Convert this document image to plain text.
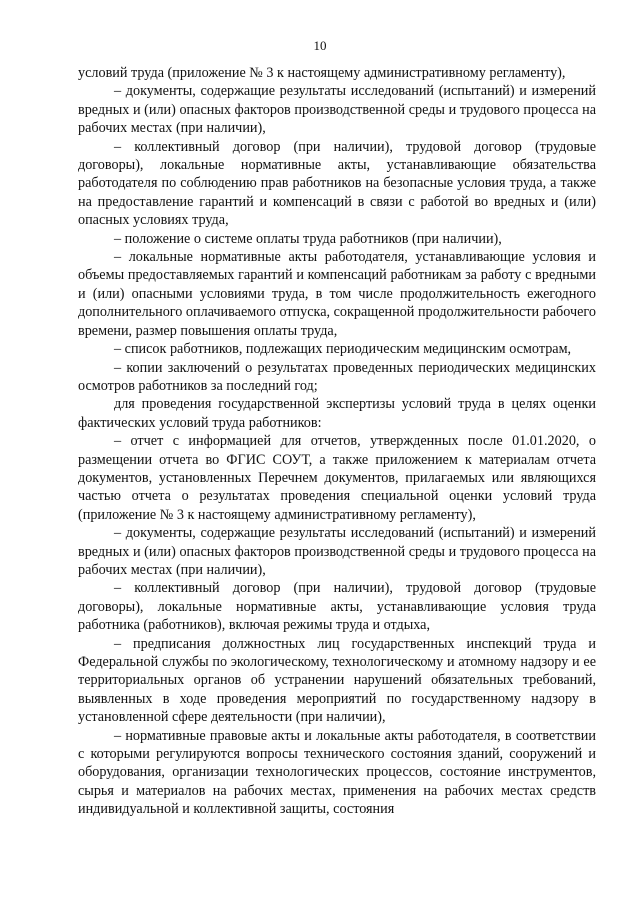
10

условий труда (приложение № 3 к настоящему административному регламенту),

– документы, содержащие результаты исследований (испытаний) и измерений вредных и (или) опасных факторов производственной среды и трудового процесса на рабочих местах (при наличии),

– коллективный договор (при наличии), трудовой договор (трудовые договоры), локальные нормативные акты, устанавливающие обязательства работодателя по соблюдению прав работников на безопасные условия труда, а также на предоставление гарантий и компенсаций в связи с работой во вредных и (или) опасных условиях труда,

– положение о системе оплаты труда работников (при наличии),

– локальные нормативные акты работодателя, устанавливающие условия и объемы предоставляемых гарантий и компенсаций работникам за работу с вредными и (или) опасными условиями труда, в том числе продолжительность ежегодного дополнительного оплачиваемого отпуска, сокращенной продолжительности рабочего времени, размер повышения оплаты труда,

– список работников, подлежащих периодическим медицинским осмотрам,

– копии заключений о результатах проведенных периодических медицинских осмотров работников за последний год;

для проведения государственной экспертизы условий труда в целях оценки фактических условий труда работников:

– отчет с информацией для отчетов, утвержденных после 01.01.2020, о размещении отчета во ФГИС СОУТ, а также приложением к материалам отчета документов, установленных Перечнем документов, прилагаемых или являющихся частью отчета о результатах проведения специальной оценки условий труда (приложение № 3 к настоящему административному регламенту),

– документы, содержащие результаты исследований (испытаний) и измерений вредных и (или) опасных факторов производственной среды и трудового процесса на рабочих местах (при наличии),

– коллективный договор (при наличии), трудовой договор (трудовые договоры), локальные нормативные акты, устанавливающие условия труда работника (работников), включая режимы труда и отдыха,

– предписания должностных лиц государственных инспекций труда и Федеральной службы по экологическому, технологическому и атомному надзору и ее территориальных органов об устранении нарушений обязательных требований, выявленных в ходе проведения мероприятий по государственному надзору в установленной сфере деятельности (при наличии),

– нормативные правовые акты и локальные акты работодателя, в соответствии с которыми регулируются вопросы технического состояния зданий, сооружений и оборудования, организации технологических процессов, состояние инструментов, сырья и материалов на рабочих местах, применения на рабочих местах средств индивидуальной и коллективной защиты, состояния
